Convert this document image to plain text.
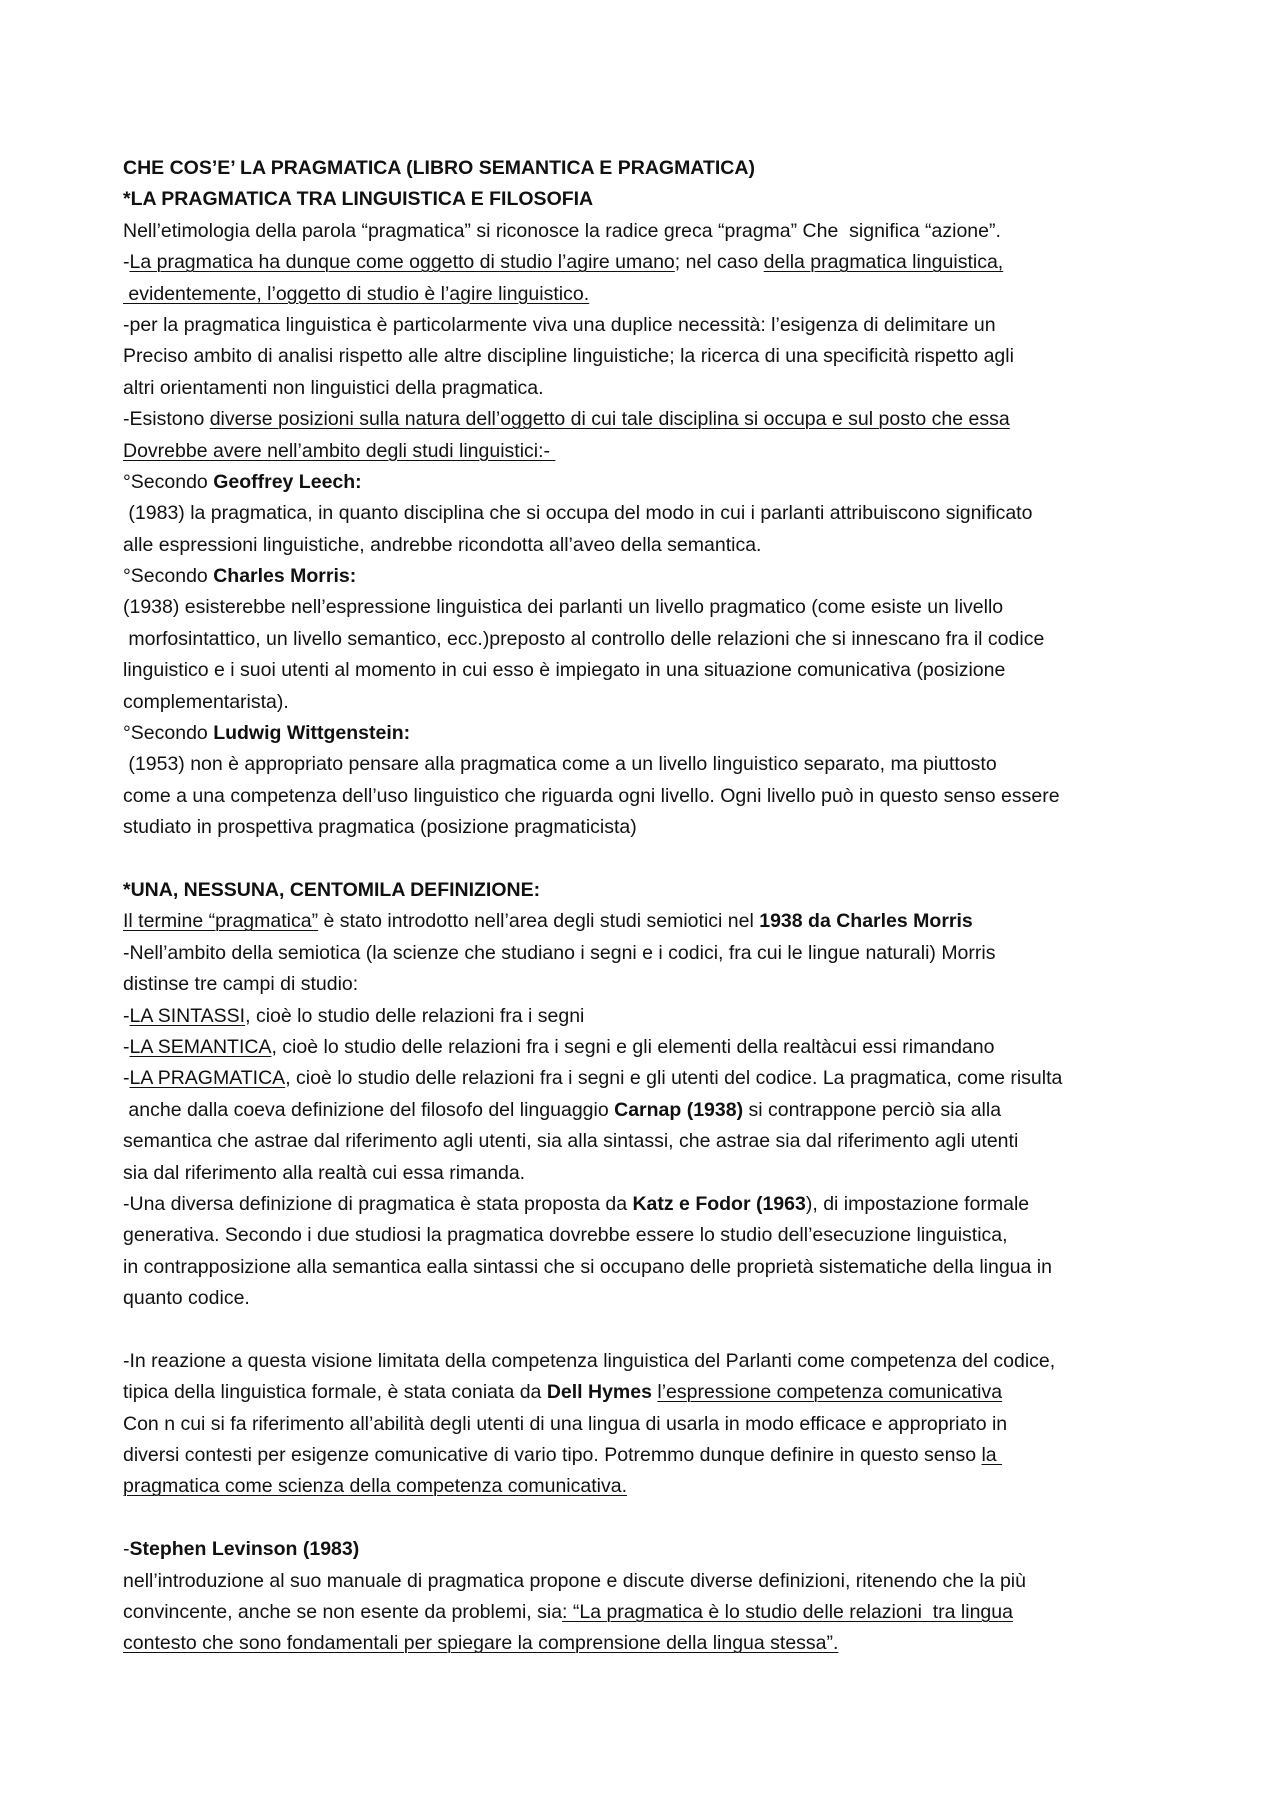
CHE COS’E’ LA PRAGMATICA (LIBRO SEMANTICA E PRAGMATICA)
*LA PRAGMATICA TRA LINGUISTICA E FILOSOFIA
Nell’etimologia della parola “pragmatica” si riconosce la radice greca “pragma” Che  significa “azione”.
-La pragmatica ha dunque come oggetto di studio l’agire umano; nel caso della pragmatica linguistica,
evidentemente, l’oggetto di studio è l’agire linguistico.
-per la pragmatica linguistica è particolarmente viva una duplice necessità: l’esigenza di delimitare un
Preciso ambito di analisi rispetto alle altre discipline linguistiche; la ricerca di una specificità rispetto agli
altri orientamenti non linguistici della pragmatica.
-Esistono diverse posizioni sulla natura dell’oggetto di cui tale disciplina si occupa e sul posto che essa
Dovrebbe avere nell’ambito degli studi linguistici:-
°Secondo Geoffrey Leech:
(1983) la pragmatica, in quanto disciplina che si occupa del modo in cui i parlanti attribuiscono significato
alle espressioni linguistiche, andrebbe ricondotta all’aveo della semantica.
°Secondo Charles Morris:
(1938) esisterebbe nell’espressione linguistica dei parlanti un livello pragmatico (come esiste un livello
morfosintattico, un livello semantico, ecc.)preposto al controllo delle relazioni che si innescano fra il codice
linguistico e i suoi utenti al momento in cui esso è impiegato in una situazione comunicativa (posizione
complementarista).
°Secondo Ludwig Wittgenstein:
(1953) non è appropriato pensare alla pragmatica come a un livello linguistico separato, ma piuttosto
come a una competenza dell’uso linguistico che riguarda ogni livello. Ogni livello può in questo senso essere
studiato in prospettiva pragmatica (posizione pragmaticista)
*UNA, NESSUNA, CENTOMILA DEFINIZIONE:
Il termine “pragmatica” è stato introdotto nell’area degli studi semiotici nel 1938 da Charles Morris
-Nell’ambito della semiotica (la scienze che studiano i segni e i codici, fra cui le lingue naturali) Morris
distinse tre campi di studio:
-LA SINTASSI, cioè lo studio delle relazioni fra i segni
-LA SEMANTICA, cioè lo studio delle relazioni fra i segni e gli elementi della realtàcui essi rimandano
-LA PRAGMATICA, cioè lo studio delle relazioni fra i segni e gli utenti del codice. La pragmatica, come risulta
anche dalla coeva definizione del filosofo del linguaggio Carnap (1938) si contrappone perciò sia alla
semantica che astrae dal riferimento agli utenti, sia alla sintassi, che astrae sia dal riferimento agli utenti
sia dal riferimento alla realtà cui essa rimanda.
-Una diversa definizione di pragmatica è stata proposta da Katz e Fodor (1963), di impostazione formale
generativa. Secondo i due studiosi la pragmatica dovrebbe essere lo studio dell’esecuzione linguistica,
in contrapposizione alla semantica ealla sintassi che si occupano delle proprietà sistematiche della lingua in
quanto codice.
-In reazione a questa visione limitata della competenza linguistica del Parlanti come competenza del codice,
tipica della linguistica formale, è stata coniata da Dell Hymes l’espressione competenza comunicativa
Con n cui si fa riferimento all’abilità degli utenti di una lingua di usarla in modo efficace e appropriato in
diversi contesti per esigenze comunicative di vario tipo. Potremmo dunque definire in questo senso la
pragmatica come scienza della competenza comunicativa.
-Stephen Levinson (1983)
nell’introduzione al suo manuale di pragmatica propone e discute diverse definizioni, ritenendo che la più
convincente, anche se non esente da problemi, sia: “La pragmatica è lo studio delle relazioni  tra lingua
contesto che sono fondamentali per spiegare la comprensione della lingua stessa”.
